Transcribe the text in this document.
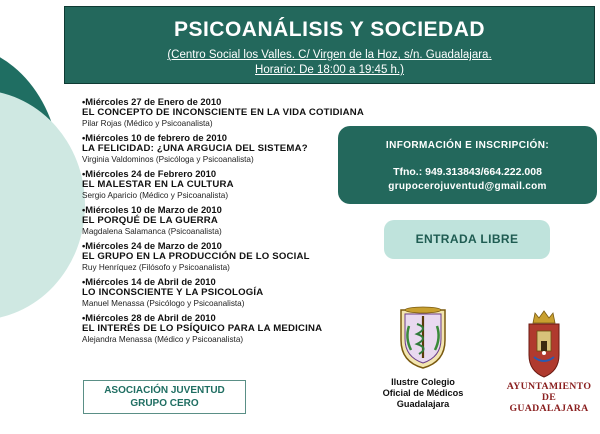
PSICOANÁLISIS Y SOCIEDAD
(Centro Social los Valles. C/ Virgen de la Hoz, s/n. Guadalajara.
Horario: De 18:00 a 19:45 h.)
•Miércoles 27 de Enero de 2010
EL CONCEPTO DE INCONSCIENTE EN LA VIDA COTIDIANA
Pilar Rojas (Médico y Psicoanalista)
•Miércoles 10 de febrero de 2010
LA FELICIDAD: ¿UNA ARGUCIA DEL SISTEMA?
Virginia Valdominos (Psicóloga y Psicoanalista)
•Miércoles 24 de Febrero 2010
EL MALESTAR EN LA CULTURA
Sergio Aparicio (Médico y Psicoanalista)
•Miércoles 10 de Marzo de 2010
EL PORQUÉ DE LA GUERRA
Magdalena Salamanca (Psicoanalista)
•Miércoles 24 de Marzo de 2010
EL GRUPO EN LA PRODUCCIÓN DE LO SOCIAL
Ruy Henríquez (Filósofo y Psicoanalista)
•Miércoles 14 de Abril de 2010
LO INCONSCIENTE Y LA PSICOLOGÍA
Manuel Menassa (Psicólogo y Psicoanalista)
•Miércoles 28 de Abril de 2010
EL INTERÉS DE LO PSÍQUICO PARA LA MEDICINA
Alejandra Menassa (Médico y Psicoanalista)
INFORMACIÓN E INSCRIPCIÓN:
Tfno.: 949.313843/664.222.008
grupocerojuventud@gmail.com
ENTRADA LIBRE
ASOCIACIÓN JUVENTUD
GRUPO CERO
Ilustre Colegio
Oficial de Médicos
Guadalajara
AYUNTAMIENTO
DE GUADALAJARA
